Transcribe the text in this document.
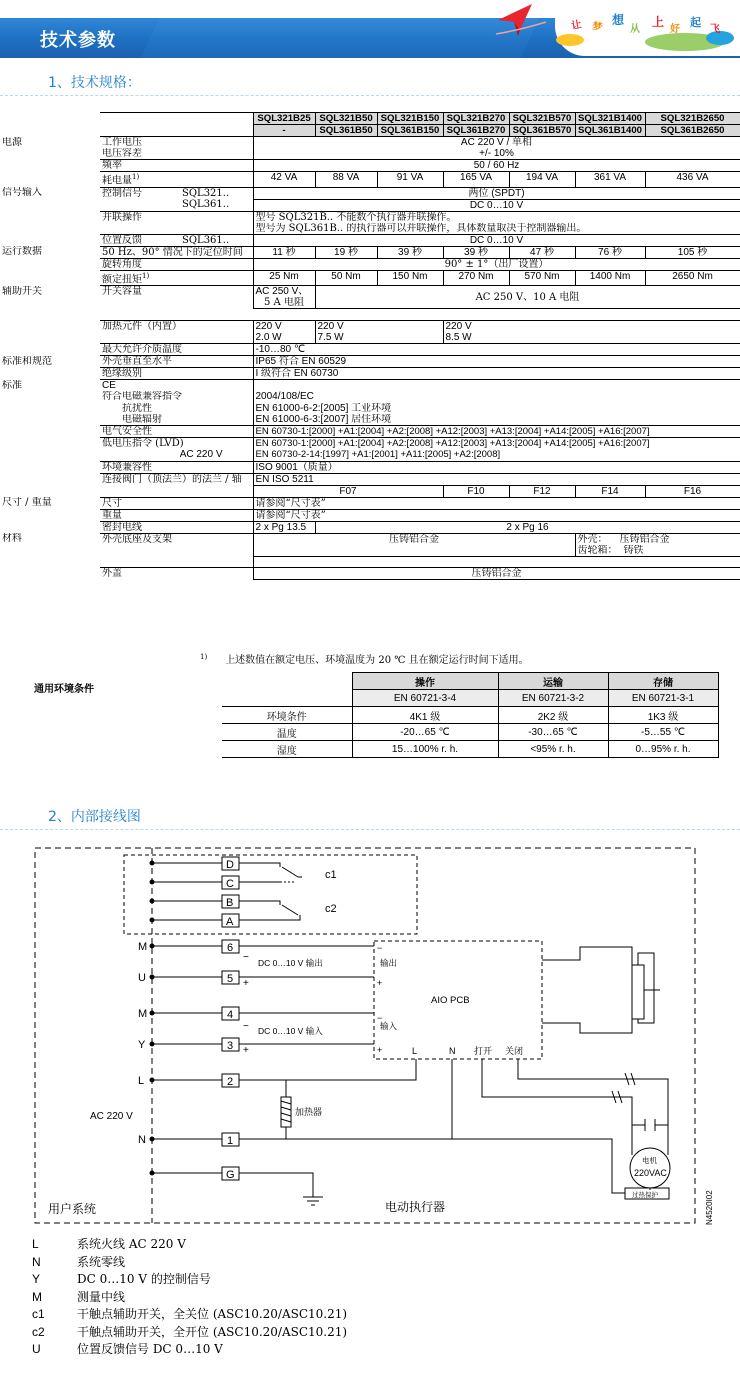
技术参数
让 梦
想
从
上
好
起
飞
1、技术规格：
			SQL321B25	SQL321B50	SQL321B150	SQL321B270	SQL321B570	SQL321B1400	SQL321B2650
			-	SQL361B50	SQL361B150	SQL361B270	SQL361B570	SQL361B1400	SQL361B2650
电源	工作电压		AC 220 V / 单相						
	电压容差		+/- 10%						
	频率		50 / 60 Hz						
	耗电量$^{1)}$		42 VA	88 VA	91 VA	165 VA	194 VA	361 VA	436 VA
信号输入	控制信号	SQL321..	两位 (SPDT)						
		SQL361..	DC 0…10 V						
	并联操作		型号 SQL321B.. 不能数个执行器并联操作。						
			型号为 SQL361B.. 的执行器可以并联操作，具体数量取决于控制器输出。						
	位置反馈	SQL361..	DC 0…10 V						
运行数据	50 Hz、90° 情况下的定位时间		11 秒	19 秒	39 秒	39 秒	47 秒	76 秒	105 秒
	旋转角度		90° ± 1°（出厂设置）						
	额定扭矩$^{1)}$		25 Nm	50 Nm	150 Nm	270 Nm	570 Nm	1400 Nm	2650 Nm
辅助开关	开关容量		AC 250 V、	AC 250 V、10 A 电阻					
			5 A 电阻						

	加热元件（内置）		220 V	220 V		220 V			
			2.0 W	7.5 W		8.5 W			
	最大允许介质温度		-10…80 ℃						
标准和规范	外壳垂直至水平		IP65 符合 EN 60529						
	绝缘级别		I 级符合 EN 60730						
标准	CE								
	符合电磁兼容指令		2004/108/EC						
	抗扰性		EN 61000-6-2:[2005] 工业环境						
	电磁辐射		EN 61000-6-3:[2007] 居住环境						
	电气安全性		EN 60730-1:[2000] +A1:[2004] +A2:[2008] +A12:[2003] +A13:[2004] +A14:[2005] +A16:[2007]						
	低电压指令 (LVD)		EN 60730-1:[2000] +A1:[2004] +A2:[2008] +A12:[2003] +A13:[2004] +A14:[2005] +A16:[2007]						
	AC 220 V		EN 60730-2-14:[1997] +A1:[2001] +A11:[2005] +A2:[2008]						
	环境兼容性		ISO 9001（质量）						
	连接阀门（顶法兰）的法兰 / 轴		EN ISO 5211						
			F07			F10	F12	F14	F16
尺寸 / 重量	尺寸		请参阅“尺寸表”						
	重量		请参阅“尺寸表”						
	密封电线		2 x Pg 13.5	2 x Pg 16					
材料	外壳底座及支架		压铸铝合金					外壳： 压铸铝合金	
								齿轮箱： 铸铁	

	外盖		压铸铝合金						
$^{1)}$ 上述数值在额定电压、环境温度为 20 ℃ 且在额定运行时间下适用。
通用环境条件
	操作	运输	存储
	EN 60721-3-4	EN 60721-3-2	EN 60721-3-1
环境条件	4K1 级	2K2 级	1K3 级
温度	-20…65 ℃	-30…65 ℃	-5…55 ℃
湿度	15…100% r. h.	<95% r. h.	0…95% r. h.
2、内部接线图
D
C
B
A
6
5
4
3
2
1
G
M
U
M
Y
L
N
c1
c2
−
+
−
+
−
+
−
+
DC 0…10 V 输出
DC 0…10 V 输入
输出
输入
AIO PCB
L	N 打开 关闭
加热器
AC 220 V
电机
220VAC
过热保护
用户系统	电动执行器	N4520I02
L	系统火线 AC 220 V
N	系统零线
Y	DC 0…10 V 的控制信号
M	测量中线
c1	干触点辅助开关，全关位 (ASC10.20/ASC10.21)
c2	干触点辅助开关，全开位 (ASC10.20/ASC10.21)
U	位置反馈信号 DC 0…10 V
